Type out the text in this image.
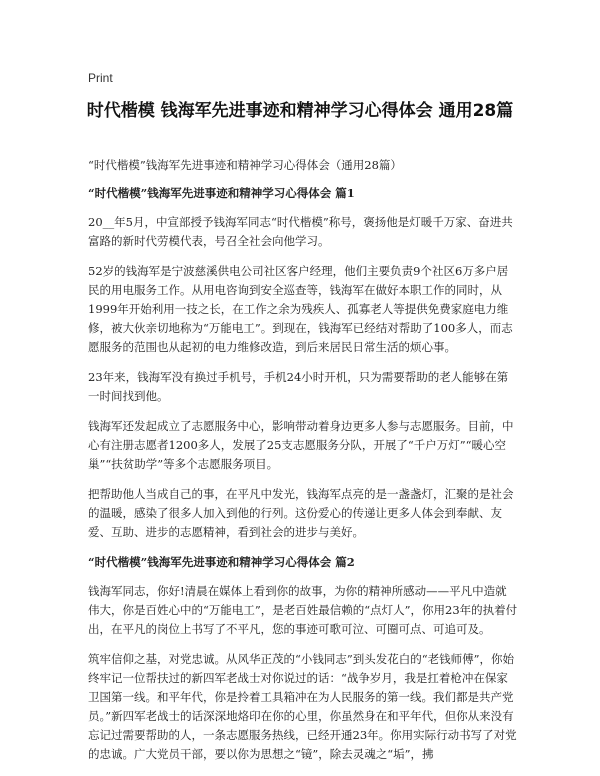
Print
时代楷模 钱海军先进事迹和精神学习心得体会 通用28篇

“时代楷模”钱海军先进事迹和精神学习心得体会（通用28篇）

“时代楷模”钱海军先进事迹和精神学习心得体会 篇1

20__年5月，中宣部授予钱海军同志“时代楷模”称号，褒扬他是灯暖千万家、奋进共富路的新时代劳模代表，号召全社会向他学习。

52岁的钱海军是宁波慈溪供电公司社区客户经理，他们主要负责9个社区6万多户居民的用电服务工作。从用电咨询到安全巡查等，钱海军在做好本职工作的同时，从1999年开始利用一技之长，在工作之余为残疾人、孤寡老人等提供免费家庭电力维修，被大伙亲切地称为“万能电工”。到现在，钱海军已经结对帮助了100多人，而志愿服务的范围也从起初的电力维修改造，到后来居民日常生活的烦心事。

23年来，钱海军没有换过手机号，手机24小时开机，只为需要帮助的老人能够在第一时间找到他。

钱海军还发起成立了志愿服务中心，影响带动着身边更多人参与志愿服务。目前，中心有注册志愿者1200多人，发展了25支志愿服务分队，开展了“千户万灯”“暖心空巢”“扶贫助学”等多个志愿服务项目。

把帮助他人当成自己的事，在平凡中发光，钱海军点亮的是一盏盏灯，汇聚的是社会的温暖，感染了很多人加入到他的行列。这份爱心的传递让更多人体会到奉献、友爱、互助、进步的志愿精神，看到社会的进步与美好。

“时代楷模”钱海军先进事迹和精神学习心得体会 篇2

钱海军同志，你好!清晨在媒体上看到你的故事，为你的精神所感动——平凡中造就伟大，你是百姓心中的“万能电工”，是老百姓最信赖的“点灯人”，你用23年的执着付出，在平凡的岗位上书写了不平凡，您的事迹可歌可泣、可圈可点、可追可及。

筑牢信仰之基，对党忠诚。从风华正茂的“小钱同志”到头发花白的“老钱师傅”，你始终牢记一位帮扶过的新四军老战士对你说过的话：“战争岁月，我是扛着枪冲在保家卫国第一线。和平年代，你是拎着工具箱冲在为人民服务的第一线。我们都是共产党员。”新四军老战士的话深深地烙印在你的心里，你虽然身在和平年代，但你从来没有忘记过需要帮助的人，一条志愿服务热线，已经开通23年。你用实际行动书写了对党的忠诚。广大党员干部，要以你为思想之“镜”，除去灵魂之“垢”，拂
